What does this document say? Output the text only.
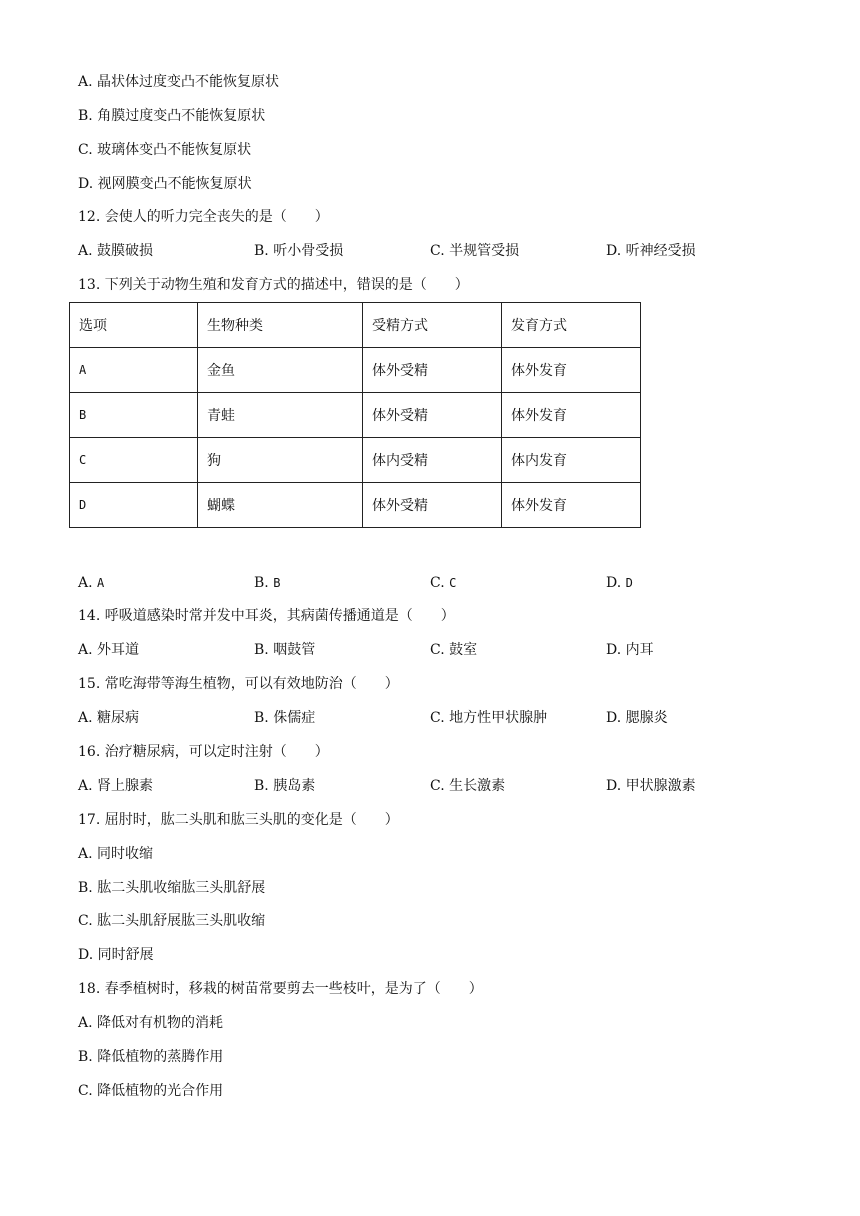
A. 晶状体过度变凸不能恢复原状
B. 角膜过度变凸不能恢复原状
C. 玻璃体变凸不能恢复原状
D. 视网膜变凸不能恢复原状
12. 会使人的听力完全丧失的是（　　）
A. 鼓膜破损	B. 听小骨受损	C. 半规管受损	D. 听神经受损
13. 下列关于动物生殖和发育方式的描述中，错误的是（　　）
选项	生物种类	受精方式	发育方式
A	金鱼	体外受精	体外发育
B	青蛙	体外受精	体外发育
C	狗	体内受精	体内发育
D	蝴蝶	体外受精	体外发育
A. A	B. B	C. C	D. D
14. 呼吸道感染时常并发中耳炎，其病菌传播通道是（　　）
A. 外耳道	B. 咽鼓管	C. 鼓室	D. 内耳
15. 常吃海带等海生植物，可以有效地防治（　　）
A. 糖尿病	B. 侏儒症	C. 地方性甲状腺肿	D. 腮腺炎
16. 治疗糖尿病，可以定时注射（　　）
A. 肾上腺素	B. 胰岛素	C. 生长激素	D. 甲状腺激素
17. 屈肘时，肱二头肌和肱三头肌的变化是（　　）
A. 同时收缩
B. 肱二头肌收缩肱三头肌舒展
C. 肱二头肌舒展肱三头肌收缩
D. 同时舒展
18. 春季植树时，移栽的树苗常要剪去一些枝叶，是为了（　　）
A. 降低对有机物的消耗
B. 降低植物的蒸腾作用
C. 降低植物的光合作用
